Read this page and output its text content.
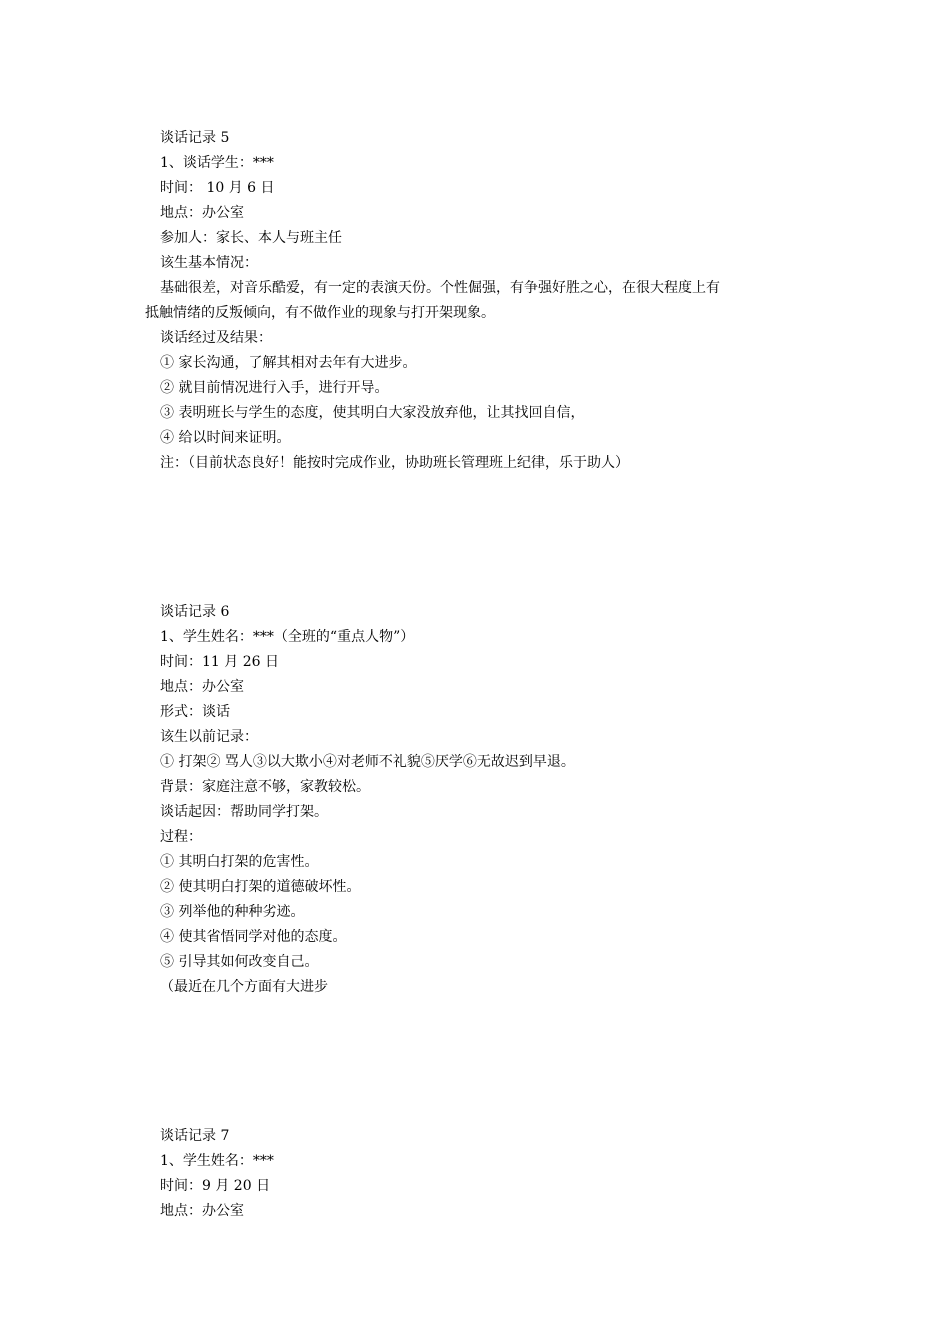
谈话记录 5
1、谈话学生：***
时间： 10 月 6 日
地点：办公室
参加人：家长、本人与班主任
该生基本情况：
基础很差，对音乐酷爱，有一定的表演天份。个性倔强，有争强好胜之心，在很大程度上有
抵触情绪的反叛倾向，有不做作业的现象与打开架现象。
谈话经过及结果：
① 家长沟通，了解其相对去年有大进步。
② 就目前情况进行入手，进行开导。
③ 表明班长与学生的态度，使其明白大家没放弃他，让其找回自信，
④ 给以时间来证明。
注：（目前状态良好！能按时完成作业，协助班长管理班上纪律，乐于助人）
谈话记录 6
1、学生姓名：***（全班的“重点人物”）
时间：11 月 26 日
地点：办公室
形式：谈话
该生以前记录：
① 打架② 骂人③以大欺小④对老师不礼貌⑤厌学⑥无故迟到早退。
背景：家庭注意不够，家教较松。
谈话起因：帮助同学打架。
过程：
① 其明白打架的危害性。
② 使其明白打架的道德破坏性。
③ 列举他的种种劣迹。
④ 使其省悟同学对他的态度。
⑤ 引导其如何改变自己。
（最近在几个方面有大进步
谈话记录 7
1、学生姓名：***
时间：9 月 20 日
地点：办公室
